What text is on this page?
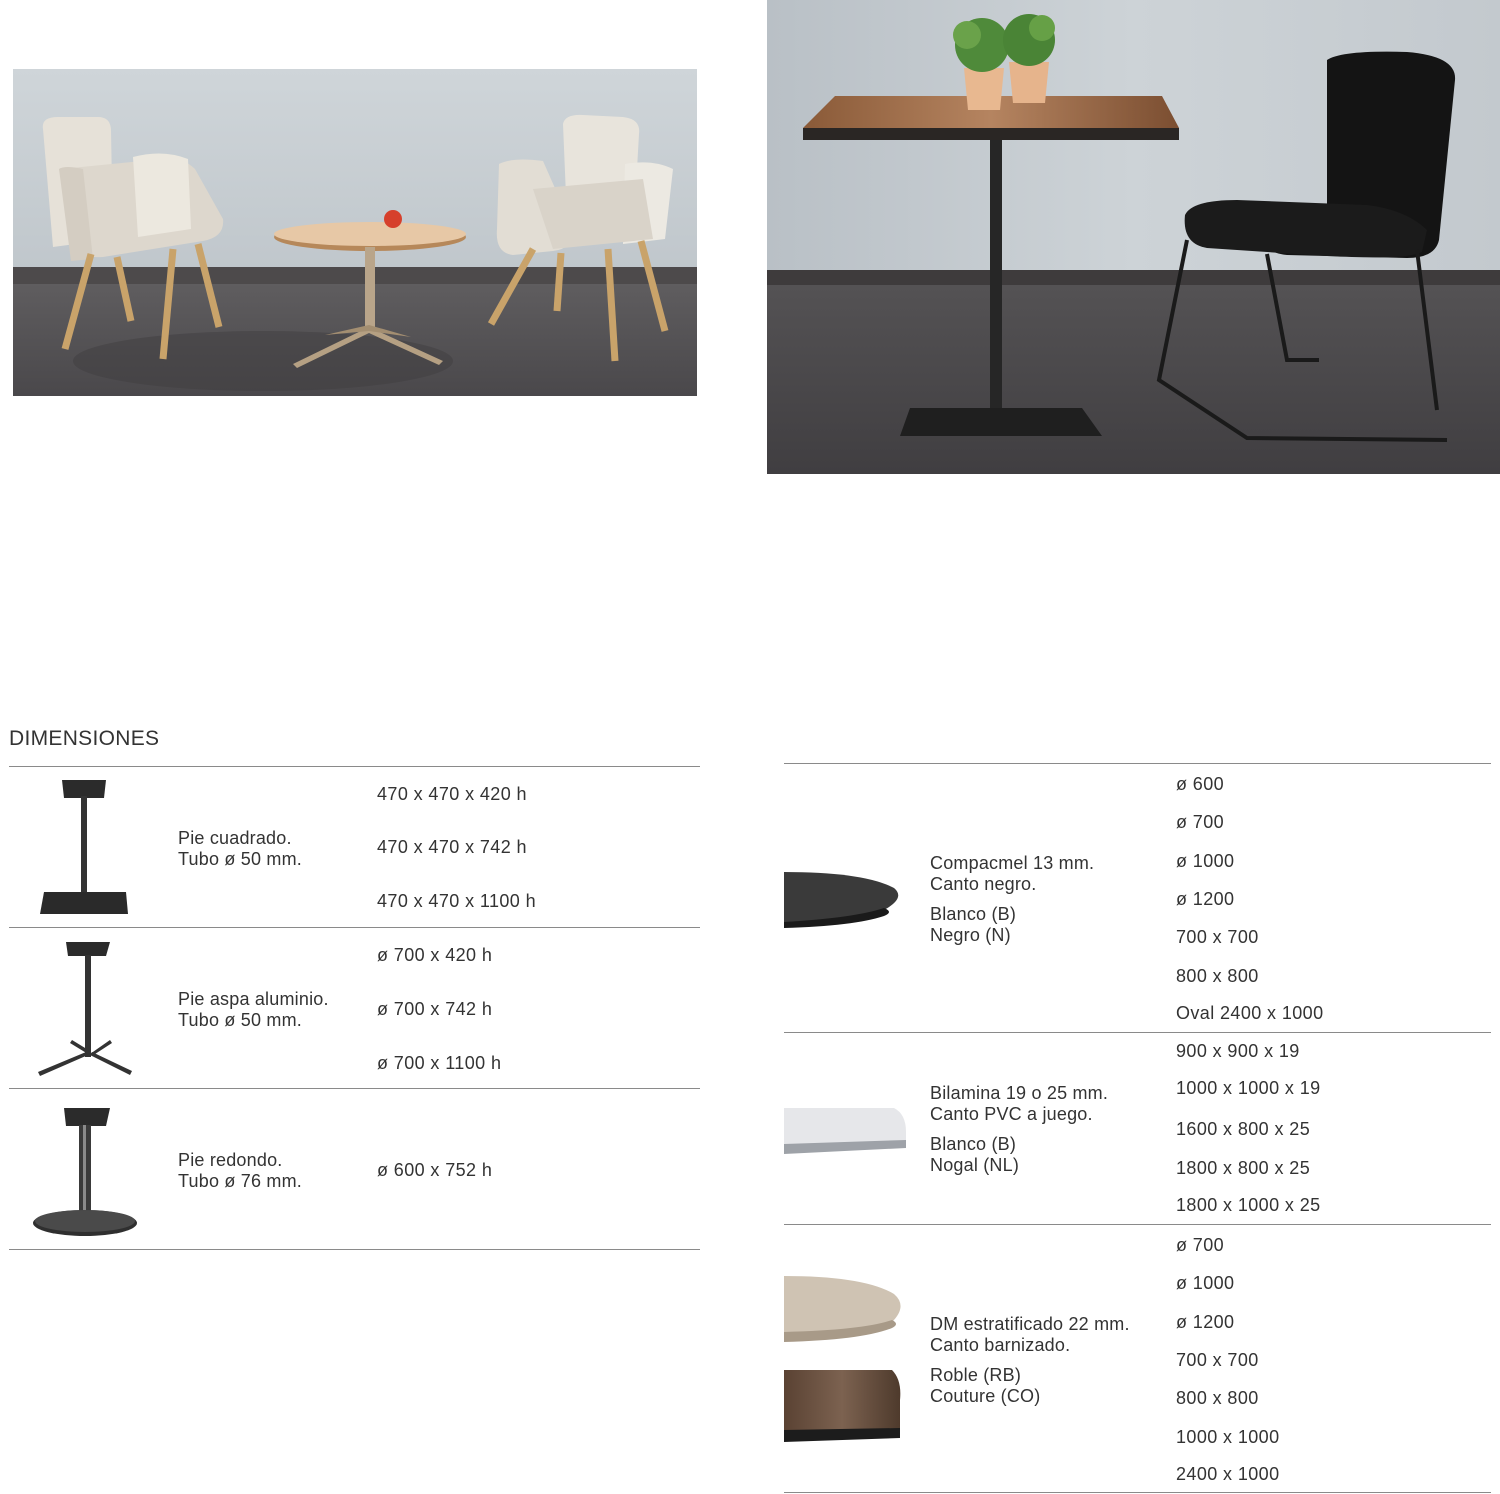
DIMENSIONES
Pie cuadrado.
Tubo ø 50 mm.
470 x 470 x 420 h
470 x 470 x 742 h
470 x 470 x 1100 h
Pie aspa aluminio.
Tubo ø 50 mm.
ø 700 x 420 h
ø 700 x 742 h
ø 700 x 1100 h
Pie redondo.
Tubo ø 76 mm.
ø 600 x 752 h
Compacmel 13 mm.
Canto negro.
Blanco (B)
Negro (N)
ø 600
ø 700
ø 1000
ø 1200
700 x 700
800 x 800
Oval 2400 x 1000
Bilamina 19 o 25 mm.
Canto PVC a juego.
Blanco (B)
Nogal (NL)
900 x 900 x 19
1000 x 1000 x 19
1600 x 800 x 25
1800 x 800 x 25
1800 x 1000 x 25
DM estratificado 22 mm.
Canto barnizado.
Roble (RB)
Couture (CO)
ø 700
ø 1000
ø 1200
700 x 700
800 x 800
1000 x 1000
2400 x 1000
